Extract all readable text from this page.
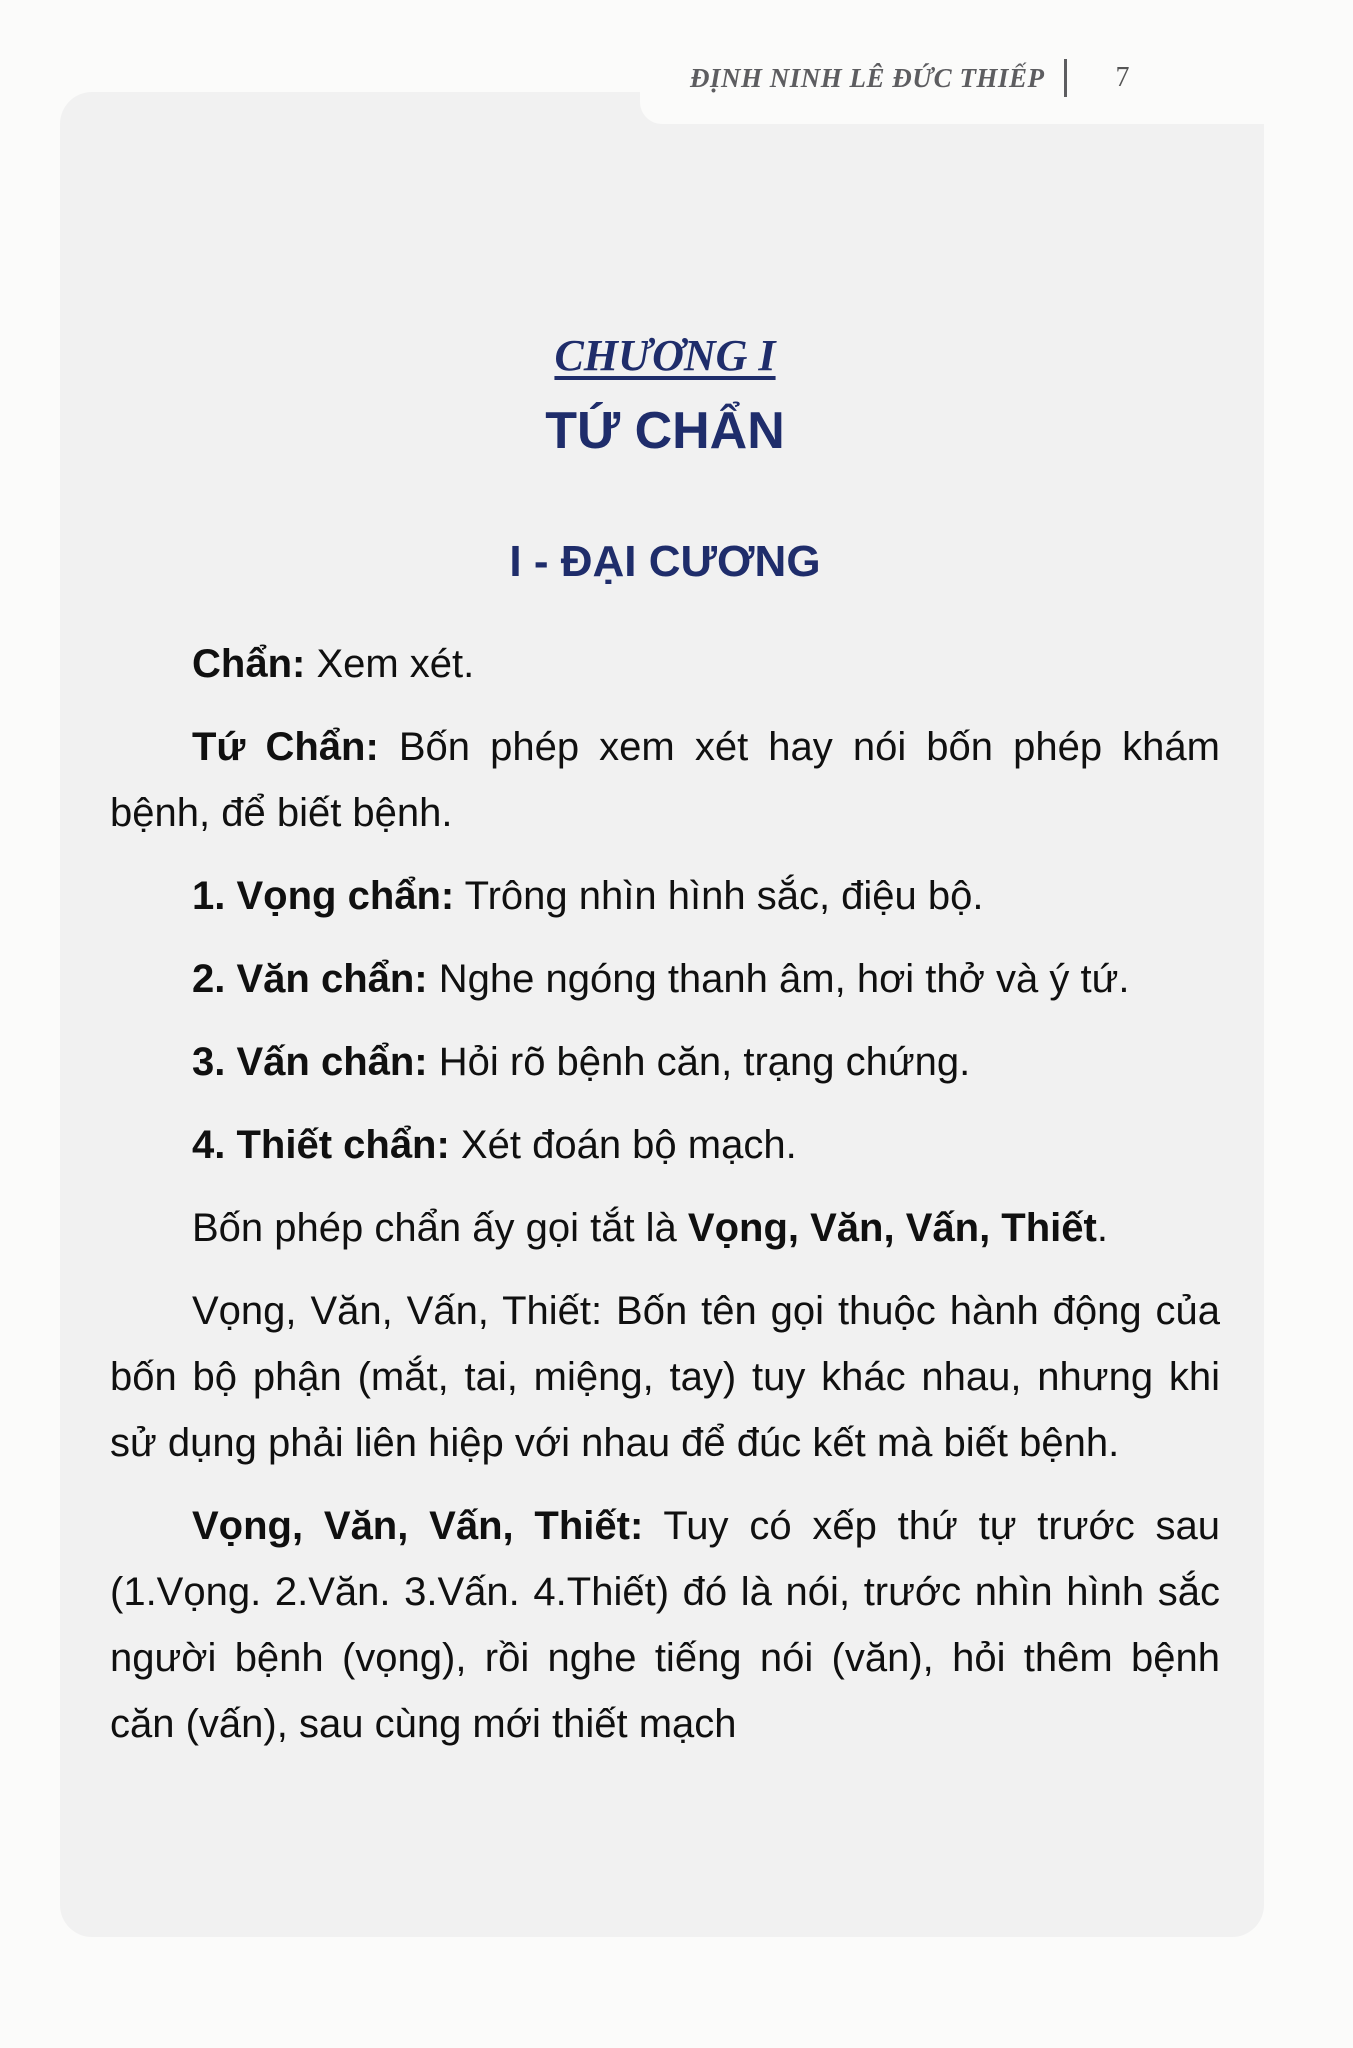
ĐỊNH NINH LÊ ĐỨC THIẾP	7
CHƯƠNG I
TỨ CHẨN
I - ĐẠI CƯƠNG

Chẩn: Xem xét.

Tứ Chẩn: Bốn phép xem xét hay nói bốn phép khám bệnh, để biết bệnh.

1. Vọng chẩn: Trông nhìn hình sắc, điệu bộ.

2. Văn chẩn: Nghe ngóng thanh âm, hơi thở và ý tứ.

3. Vấn chẩn: Hỏi rõ bệnh căn, trạng chứng.

4. Thiết chẩn: Xét đoán bộ mạch.

Bốn phép chẩn ấy gọi tắt là Vọng, Văn, Vấn, Thiết.

Vọng, Văn, Vấn, Thiết: Bốn tên gọi thuộc hành động của bốn bộ phận (mắt, tai, miệng, tay) tuy khác nhau, nhưng khi sử dụng phải liên hiệp với nhau để đúc kết mà biết bệnh.

Vọng, Văn, Vấn, Thiết: Tuy có xếp thứ tự trước sau (1.Vọng. 2.Văn. 3.Vấn. 4.Thiết) đó là nói, trước nhìn hình sắc người bệnh (vọng), rồi nghe tiếng nói (văn), hỏi thêm bệnh căn (vấn), sau cùng mới thiết mạch
